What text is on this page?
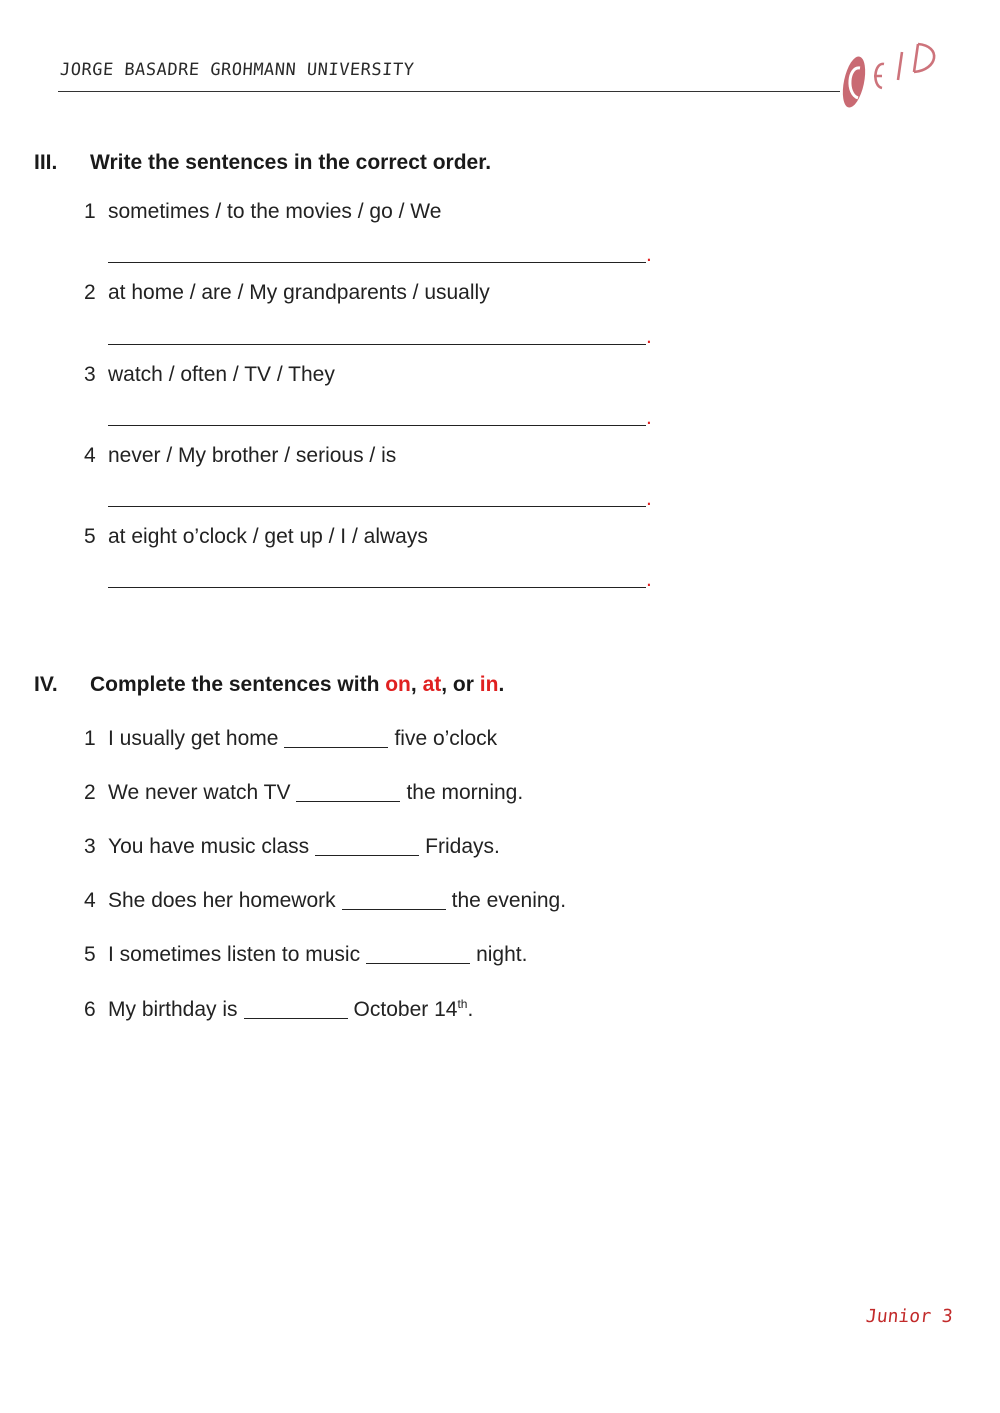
JORGE BASADRE GROHMANN UNIVERSITY
III. Write the sentences in the correct order.
1 sometimes / to the movies / go / We
.
2 at home / are / My grandparents / usually
.
3 watch / often / TV / They
.
4 never / My brother / serious / is
.
5 at eight o’clock / get up / I / always
.
IV. Complete the sentences with on, at, or in.
1 I usually get home	five o’clock
2 We never watch TV	the morning.
3 You have music class	Fridays.
4 She does her homework	the evening.
5 I sometimes listen to music	night.
6 My birthday is	October 14th.
Junior 3
